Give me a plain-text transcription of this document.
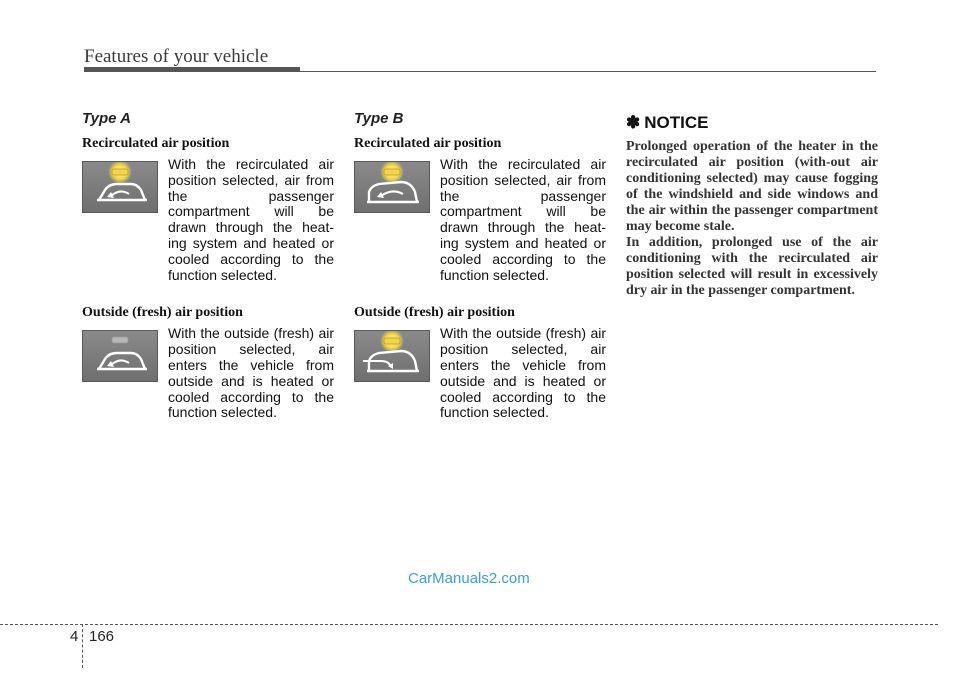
Features of your vehicle
Type A
Recirculated air position
With the recirculated air position selected, air from the passenger compartment will be drawn through the heat-ing system and heated or cooled according to the function selected.
Outside (fresh) air position
With the outside (fresh) air position selected, air enters the vehicle from outside and is heated or cooled according to the function selected.
Type B
Recirculated air position
With the recirculated air position selected, air from the passenger compartment will be drawn through the heat-ing system and heated or cooled according to the function selected.
Outside (fresh) air position
With the outside (fresh) air position selected, air enters the vehicle from outside and is heated or cooled according to the function selected.
✽ NOTICE

Prolonged operation of the heater in the recirculated air position (with-out air conditioning selected) may cause fogging of the windshield and side windows and the air within the passenger compartment may become stale.

In addition, prolonged use of the air conditioning with the recirculated air position selected will result in excessively dry air in the passenger compartment.

CarManuals2.com
4 166
